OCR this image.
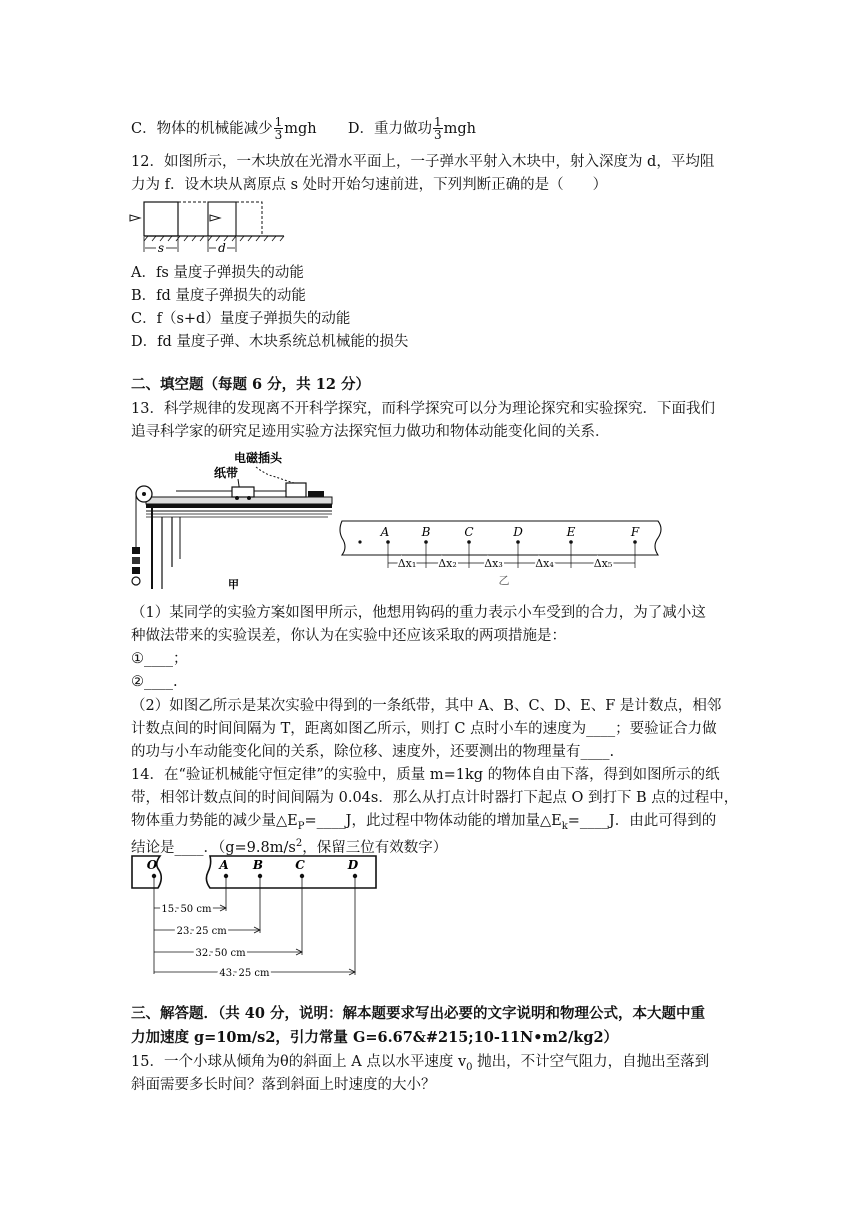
C．物体的机械能减少 $\frac{1}{3}$ mgh D．重力做功 $\frac{1}{3}$ mgh
12．如图所示，一木块放在光滑水平面上，一子弹水平射入木块中，射入深度为 d，平均阻
力为 f．设木块从离原点 s 处时开始匀速前进，下列判断正确的是（　　）
s	d
A．fs 量度子弹损失的动能
B．fd 量度子弹损失的动能
C．f（s+d）量度子弹损失的动能
D．fd 量度子弹、木块系统总机械能的损失
二、填空题（每题 6 分，共 12 分）
13．科学规律的发现离不开科学探究，而科学探究可以分为理论探究和实验探究．下面我们
追寻科学家的研究足迹用实验方法探究恒力做功和物体动能变化间的关系．
电磁插头
纸带
甲	乙
A	B	C	D	E	F
Δx₁ Δx₂ Δx₃	Δx₄	Δx₅
（1）某同学的实验方案如图甲所示，他想用钩码的重力表示小车受到的合力，为了减小这
种做法带来的实验误差，你认为在实验中还应该采取的两项措施是：
①____；
②____.
（2）如图乙所示是某次实验中得到的一条纸带，其中 A、B、C、D、E、F 是计数点，相邻
计数点间的时间间隔为 T，距离如图乙所示，则打 C 点时小车的速度为____；要验证合力做
的功与小车动能变化间的关系，除位移、速度外，还要测出的物理量有____.
14．在“验证机械能守恒定律”的实验中，质量 m=1kg 的物体自由下落，得到如图所示的纸
带，相邻计数点间的时间间隔为 0.04s．那么从打点计时器打下起点 O 到打下 B 点的过程中，
物体重力势能的减少量$\triangle E_P=\_\_\_\_J$，此过程中物体动能的增加量$\triangle E_k=\_\_\_\_J$．由此可得到的
结论是____．（$g=9.8m/s^2$，保留三位有效数字）
O	A B	C	D
15. 50 cm
23. 25 cm
32. 50 cm
43. 25 cm
三、解答题．（共 40 分，说明：解本题要求写出必要的文字说明和物理公式，本大题中重
力加速度 g=10m/s2，引力常量 G=6.67&#215;10-11N•m2/kg2）
15．一个小球从倾角为θ的斜面上 A 点以水平速度 $v_0$ 抛出，不计空气阻力，自抛出至落到
斜面需要多长时间？落到斜面上时速度的大小？
